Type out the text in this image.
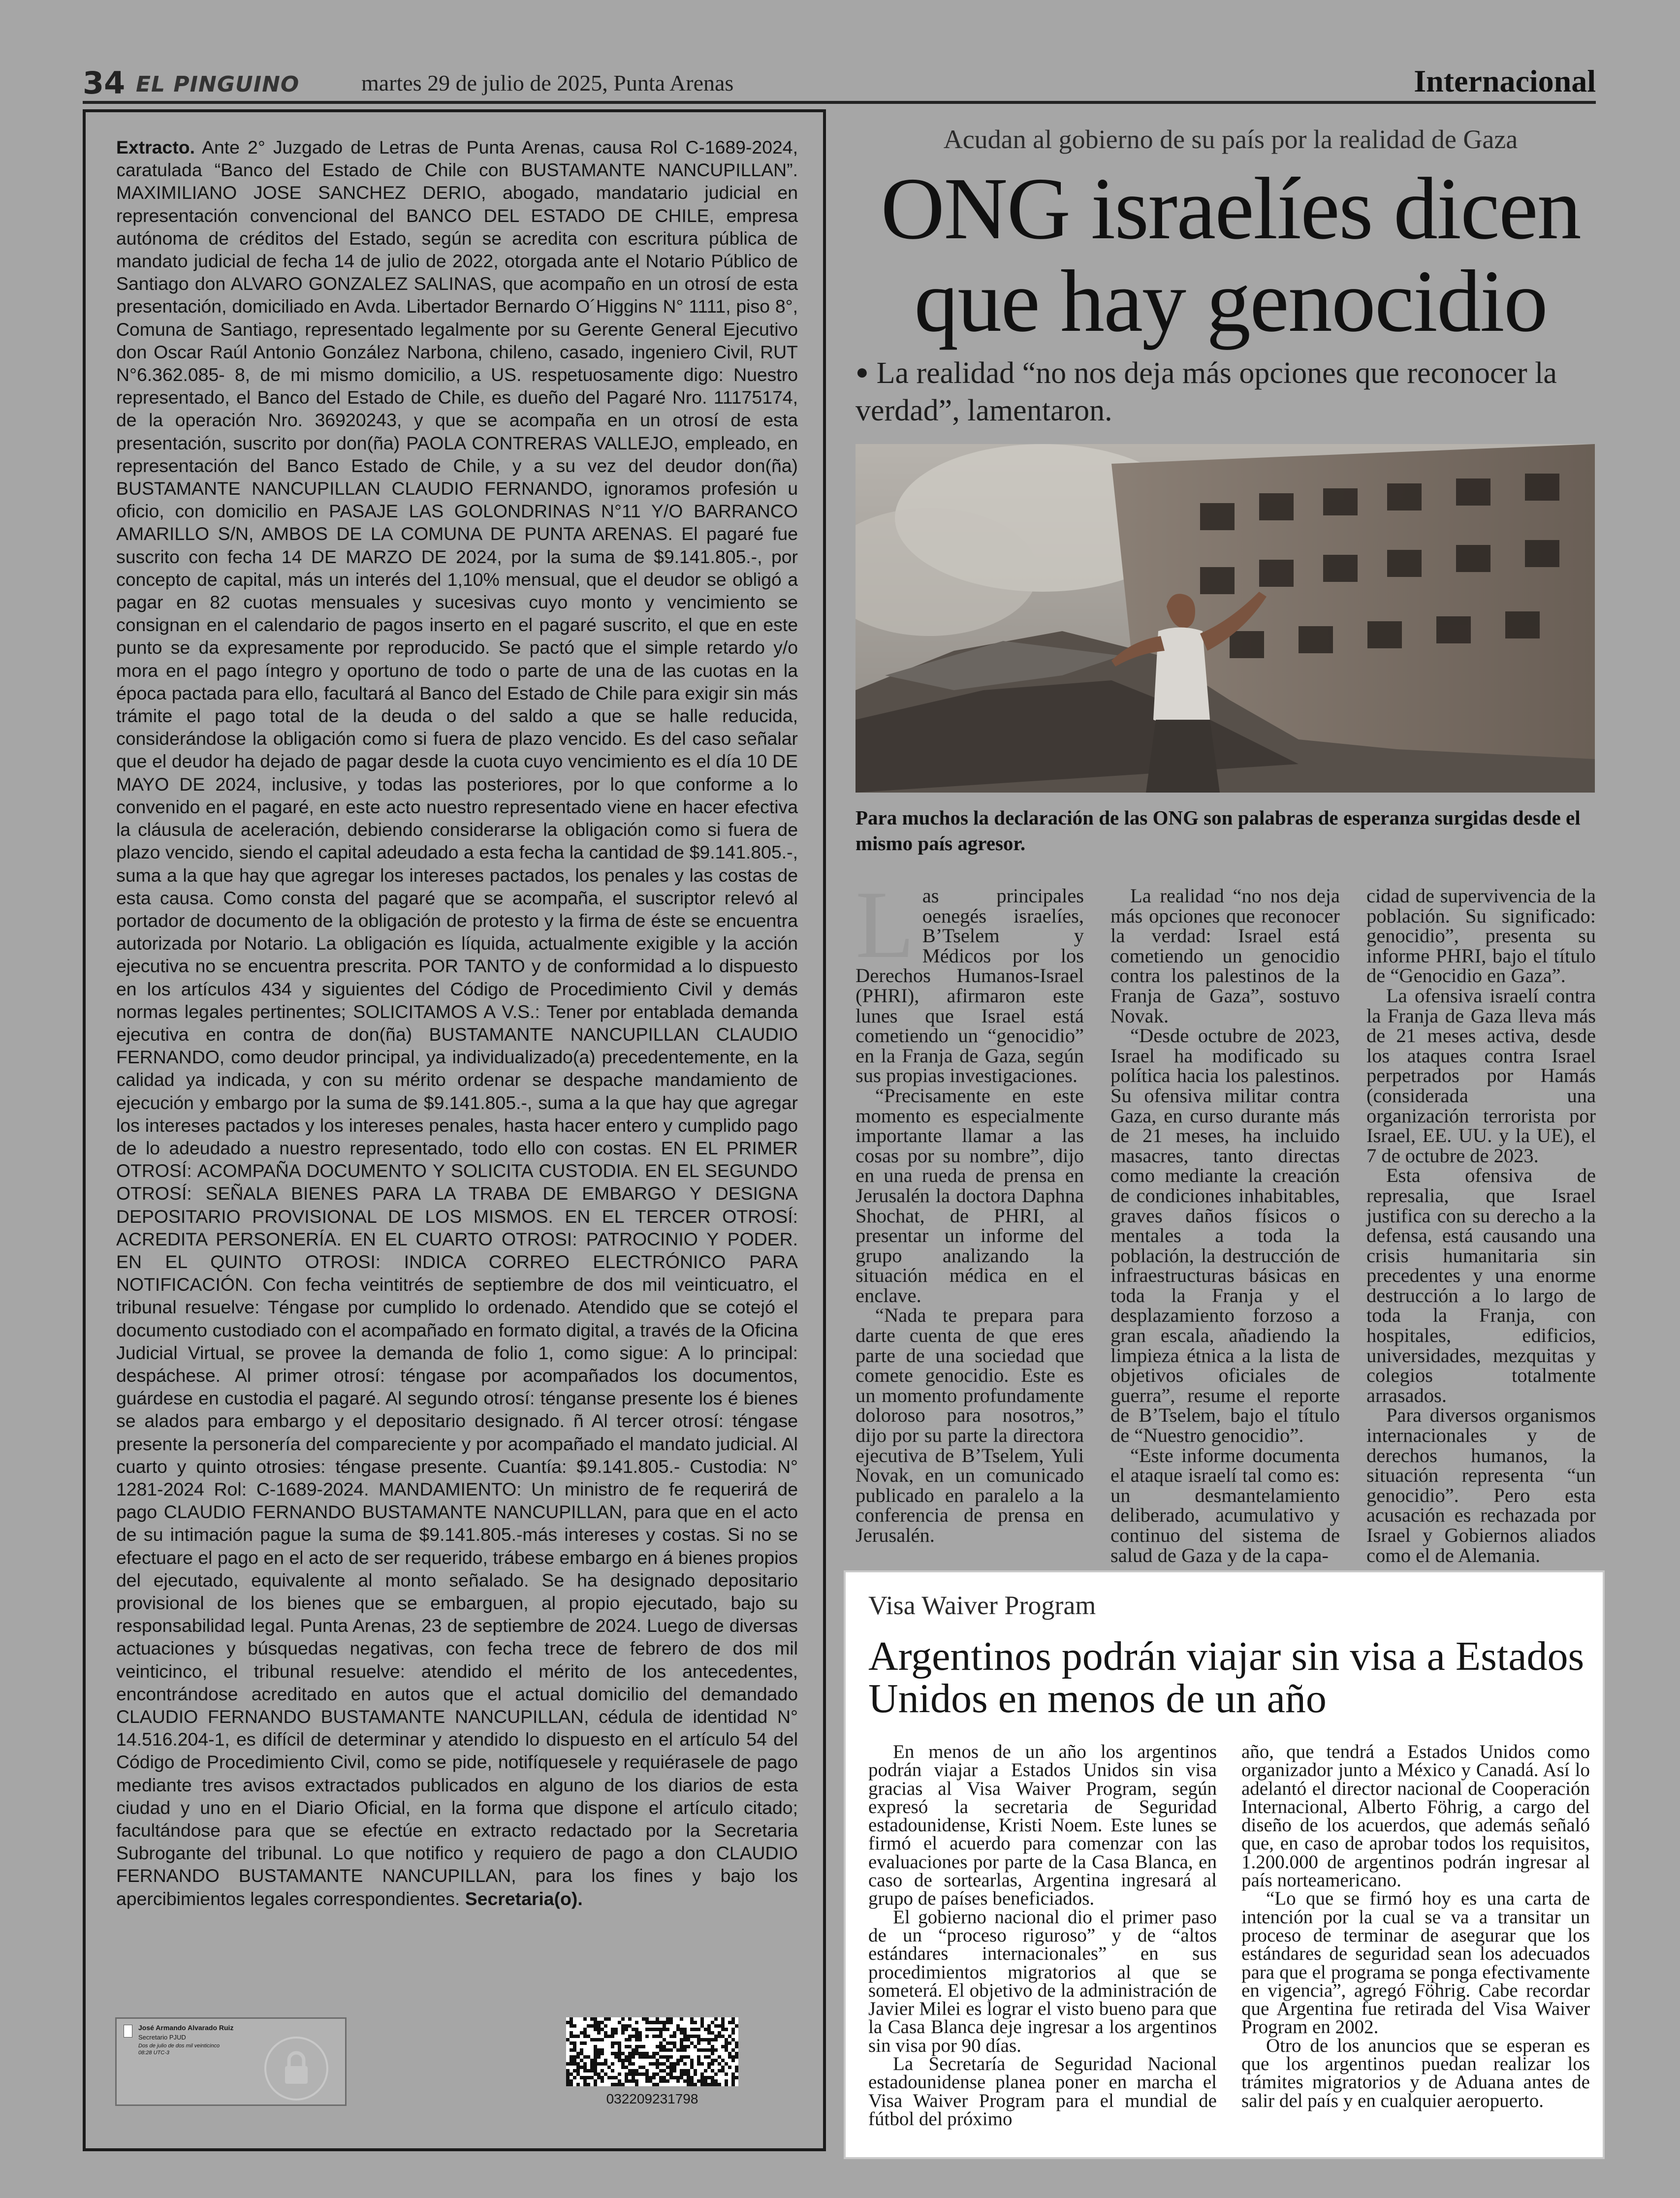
34 EL PINGUINO	martes 29 de julio de 2025, Punta Arenas	Internacional
Extracto. Ante 2° Juzgado de Letras de Punta Arenas, causa Rol C-1689-2024, caratulada “Banco del Estado de Chile con BUSTAMANTE NANCUPILLAN”. MAXIMILIANO JOSE SANCHEZ DERIO, abogado, mandatario judicial en representación convencional del BANCO DEL ESTADO DE CHILE, empresa autónoma de créditos del Estado, según se acredita con escritura pública de mandato judicial de fecha 14 de julio de 2022, otorgada ante el Notario Público de Santiago don ALVARO GONZALEZ SALINAS, que acompaño en un otrosí de esta presentación, domiciliado en Avda. Libertador Bernardo O´Higgins N° 1111, piso 8°, Comuna de Santiago, representado legalmente por su Gerente General Ejecutivo don Oscar Raúl Antonio González Narbona, chileno, casado, ingeniero Civil, RUT N°6.362.085- 8, de mi mismo domicilio, a US. respetuosamente digo: Nuestro representado, el Banco del Estado de Chile, es dueño del Pagaré Nro. 11175174, de la operación Nro. 36920243, y que se acompaña en un otrosí de esta presentación, suscrito por don(ña) PAOLA CONTRERAS VALLEJO, empleado, en representación del Banco Estado de Chile, y a su vez del deudor don(ña) BUSTAMANTE NANCUPILLAN CLAUDIO FERNANDO, ignoramos profesión u oficio, con domicilio en PASAJE LAS GOLONDRINAS N°11 Y/O BARRANCO AMARILLO S/N, AMBOS DE LA COMUNA DE PUNTA ARENAS. El pagaré fue suscrito con fecha 14 DE MARZO DE 2024, por la suma de $9.141.805.-, por concepto de capital, más un interés del 1,10% mensual, que el deudor se obligó a pagar en 82 cuotas mensuales y sucesivas cuyo monto y vencimiento se consignan en el calendario de pagos inserto en el pagaré suscrito, el que en este punto se da expresamente por reproducido. Se pactó que el simple retardo y/o mora en el pago íntegro y oportuno de todo o parte de una de las cuotas en la época pactada para ello, facultará al Banco del Estado de Chile para exigir sin más trámite el pago total de la deuda o del saldo a que se halle reducida, considerándose la obligación como si fuera de plazo vencido. Es del caso señalar que el deudor ha dejado de pagar desde la cuota cuyo vencimiento es el día 10 DE MAYO DE 2024, inclusive, y todas las posteriores, por lo que conforme a lo convenido en el pagaré, en este acto nuestro representado viene en hacer efectiva la cláusula de aceleración, debiendo considerarse la obligación como si fuera de plazo vencido, siendo el capital adeudado a esta fecha la cantidad de $9.141.805.-, suma a la que hay que agregar los intereses pactados, los penales y las costas de esta causa. Como consta del pagaré que se acompaña, el suscriptor relevó al portador de documento de la obligación de protesto y la firma de éste se encuentra autorizada por Notario. La obligación es líquida, actualmente exigible y la acción ejecutiva no se encuentra prescrita. POR TANTO y de conformidad a lo dispuesto en los artículos 434 y siguientes del Código de Procedimiento Civil y demás normas legales pertinentes; SOLICITAMOS A V.S.: Tener por entablada demanda ejecutiva en contra de don(ña) BUSTAMANTE NANCUPILLAN CLAUDIO FERNANDO, como deudor principal, ya individualizado(a) precedentemente, en la calidad ya indicada, y con su mérito ordenar se despache mandamiento de ejecución y embargo por la suma de $9.141.805.-, suma a la que hay que agregar los intereses pactados y los intereses penales, hasta hacer entero y cumplido pago de lo adeudado a nuestro representado, todo ello con costas. EN EL PRIMER OTROSÍ: ACOMPAÑA DOCUMENTO Y SOLICITA CUSTODIA. EN EL SEGUNDO OTROSÍ: SEÑALA BIENES PARA LA TRABA DE EMBARGO Y DESIGNA DEPOSITARIO PROVISIONAL DE LOS MISMOS. EN EL TERCER OTROSÍ: ACREDITA PERSONERÍA. EN EL CUARTO OTROSI: PATROCINIO Y PODER. EN EL QUINTO OTROSI: INDICA CORREO ELECTRÓNICO PARA NOTIFICACIÓN. Con fecha veintitrés de septiembre de dos mil veinticuatro, el tribunal resuelve: Téngase por cumplido lo ordenado. Atendido que se cotejó el documento custodiado con el acompañado en formato digital, a través de la Oficina Judicial Virtual, se provee la demanda de folio 1, como sigue: A lo principal: despáchese. Al primer otrosí: téngase por acompañados los documentos, guárdese en custodia el pagaré. Al segundo otrosí: ténganse presente los é bienes se alados para embargo y el depositario designado. ñ Al tercer otrosí: téngase presente la personería del compareciente y por acompañado el mandato judicial. Al cuarto y quinto otrosies: téngase presente. Cuantía: $9.141.805.- Custodia: N° 1281-2024 Rol: C-1689-2024. MANDAMIENTO: Un ministro de fe requerirá de pago CLAUDIO FERNANDO BUSTAMANTE NANCUPILLAN, para que en el acto de su intimación pague la suma de $9.141.805.-más intereses y costas. Si no se efectuare el pago en el acto de ser requerido, trábese embargo en á bienes propios del ejecutado, equivalente al monto señalado. Se ha designado depositario provisional de los bienes que se embarguen, al propio ejecutado, bajo su responsabilidad legal. Punta Arenas, 23 de septiembre de 2024. Luego de diversas actuaciones y búsquedas negativas, con fecha trece de febrero de dos mil veinticinco, el tribunal resuelve: atendido el mérito de los antecedentes, encontrándose acreditado en autos que el actual domicilio del demandado CLAUDIO FERNANDO BUSTAMANTE NANCUPILLAN, cédula de identidad N° 14.516.204-1, es difícil de determinar y atendido lo dispuesto en el artículo 54 del Código de Procedimiento Civil, como se pide, notifíquesele y requiérasele de pago mediante tres avisos extractados publicados en alguno de los diarios de esta ciudad y uno en el Diario Oficial, en la forma que dispone el artículo citado; facultándose para que se efectúe en extracto redactado por la Secretaria Subrogante del tribunal. Lo que notifico y requiero de pago a don CLAUDIO FERNANDO BUSTAMANTE NANCUPILLAN, para los fines y bajo los apercibimientos legales correspondientes. Secretaria(o).
José Armando Alvarado Ruiz
Secretario PJUD
Dos de julio de dos mil veinticinco 08:28 UTC-3
032209231798
Acudan al gobierno de su país por la realidad de Gaza
ONG israelíes dicen que hay genocidio
● La realidad “no nos deja más opciones que reconocer la verdad”, lamentaron.
Para muchos la declaración de las ONG son palabras de esperanza surgidas desde el mismo país agresor.
L as principales oenegés israelíes, B’Tselem y Médicos por los Derechos Humanos-Israel (PHRI), afirmaron este lunes que Israel está cometiendo un “genocidio” en la Franja de Gaza, según sus propias investigaciones.

“Precisamente en este momento es especialmente importante llamar a las cosas por su nombre”, dijo en una rueda de prensa en Jerusalén la doctora Daphna Shochat, de PHRI, al presentar un informe del grupo analizando la situación médica en el enclave.

“Nada te prepara para darte cuenta de que eres parte de una sociedad que comete genocidio. Este es un momento profundamente doloroso para nosotros,” dijo por su parte la directora ejecutiva de B’Tselem, Yuli Novak, en un comunicado publicado en paralelo a la conferencia de prensa en Jerusalén.

La realidad “no nos deja más opciones que reconocer la verdad: Israel está cometiendo un genocidio contra los palestinos de la Franja de Gaza”, sostuvo Novak.

“Desde octubre de 2023, Israel ha modificado su política hacia los palestinos. Su ofensiva militar contra Gaza, en curso durante más de 21 meses, ha incluido masacres, tanto directas como mediante la creación de condiciones inhabitables, graves daños físicos o mentales a toda la población, la destrucción de infraestructuras básicas en toda la Franja y el desplazamiento forzoso a gran escala, añadiendo la limpieza étnica a la lista de objetivos oficiales de guerra”, resume el reporte de B’Tselem, bajo el título de “Nuestro genocidio”.

“Este informe documenta el ataque israelí tal como es: un desmantelamiento deliberado, acumulativo y continuo del sistema de salud de Gaza y de la capa-

cidad de supervivencia de la población. Su significado: genocidio”, presenta su informe PHRI, bajo el título de “Genocidio en Gaza”.

La ofensiva israelí contra la Franja de Gaza lleva más de 21 meses activa, desde los ataques contra Israel perpetrados por Hamás (considerada una organización terrorista por Israel, EE. UU. y la UE), el 7 de octubre de 2023.

Esta ofensiva de represalia, que Israel justifica con su derecho a la defensa, está causando una crisis humanitaria sin precedentes y una enorme destrucción a lo largo de toda la Franja, con hospitales, edificios, universidades, mezquitas y colegios totalmente arrasados.

Para diversos organismos internacionales y de derechos humanos, la situación representa “un genocidio”. Pero esta acusación es rechazada por Israel y Gobiernos aliados como el de Alemania.

Visa Waiver Program
Argentinos podrán viajar sin visa a Estados Unidos en menos de un año

En menos de un año los argentinos podrán viajar a Estados Unidos sin visa gracias al Visa Waiver Program, según expresó la secretaria de Seguridad estadounidense, Kristi Noem. Este lunes se firmó el acuerdo para comenzar con las evaluaciones por parte de la Casa Blanca, en caso de sortearlas, Argentina ingresará al grupo de países beneficiados.

El gobierno nacional dio el primer paso de un “proceso riguroso” y de “altos estándares internacionales” en sus procedimientos migratorios al que se someterá. El objetivo de la administración de Javier Milei es lograr el visto bueno para que la Casa Blanca deje ingresar a los argentinos sin visa por 90 días.

La Secretaría de Seguridad Nacional estadounidense planea poner en marcha el Visa Waiver Program para el mundial de fútbol del próximo

año, que tendrá a Estados Unidos como organizador junto a México y Canadá. Así lo adelantó el director nacional de Cooperación Internacional, Alberto Föhrig, a cargo del diseño de los acuerdos, que además señaló que, en caso de aprobar todos los requisitos, 1.200.000 de argentinos podrán ingresar al país norteamericano.

“Lo que se firmó hoy es una carta de intención por la cual se va a transitar un proceso de terminar de asegurar que los estándares de seguridad sean los adecuados para que el programa se ponga efectivamente en vigencia”, agregó Föhrig. Cabe recordar que Argentina fue retirada del Visa Waiver Program en 2002.

Otro de los anuncios que se esperan es que los argentinos puedan realizar los trámites migratorios y de Aduana antes de salir del país y en cualquier aeropuerto.
